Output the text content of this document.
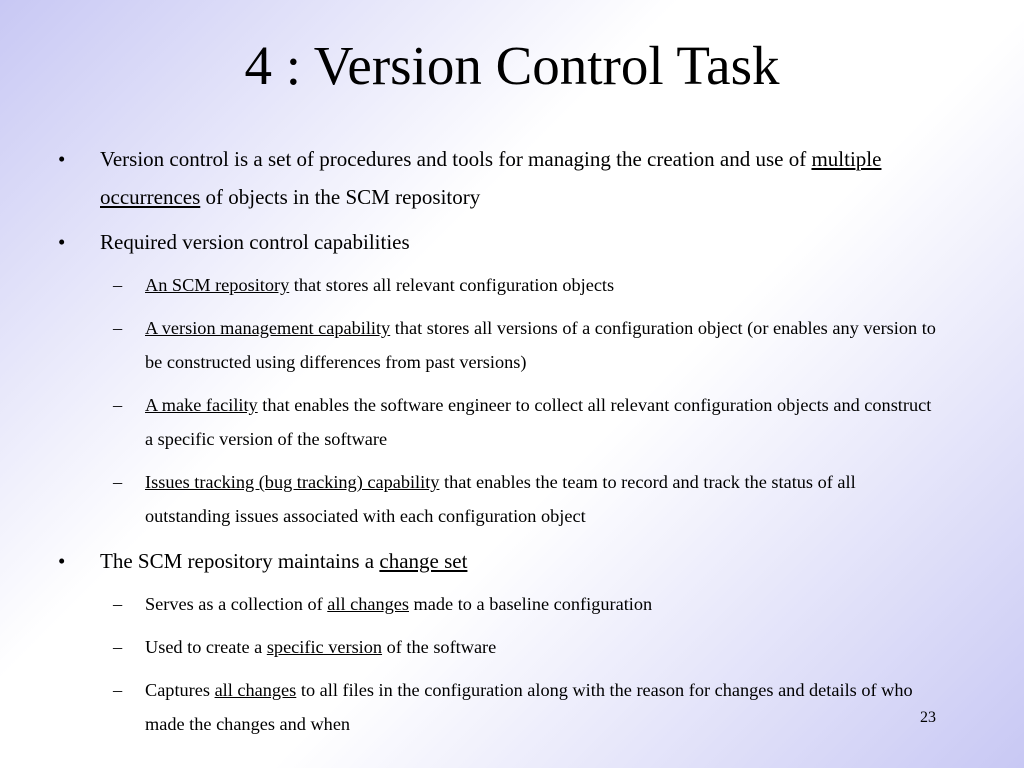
4 : Version Control Task
• Version control is a set of procedures and tools for managing the creation and use of multiple occurrences of objects in the SCM repository
• Required version control capabilities
– An SCM repository that stores all relevant configuration objects
– A version management capability that stores all versions of a configuration object (or enables any version to be constructed using differences from past versions)
– A make facility that enables the software engineer to collect all relevant configuration objects and construct a specific version of the software
– Issues tracking (bug tracking) capability that enables the team to record and track the status of all outstanding issues associated with each configuration object
• The SCM repository maintains a change set
– Serves as a collection of all changes made to a baseline configuration
– Used to create a specific version of the software
– Captures all changes to all files in the configuration along with the reason for changes and details of who made the changes and when	23
